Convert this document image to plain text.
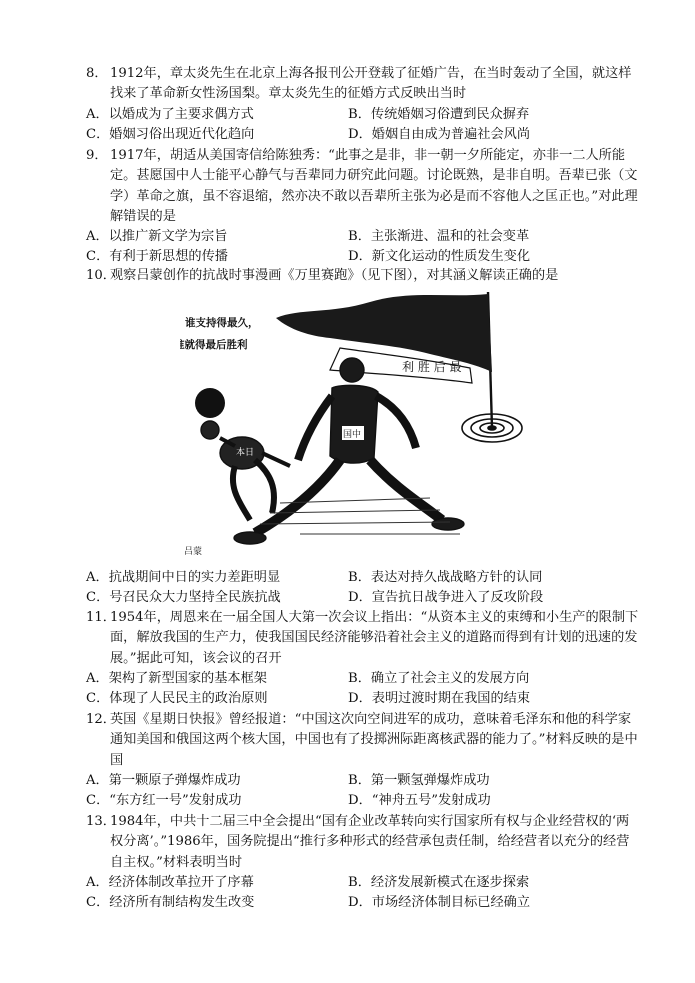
8． 1912年，章太炎先生在北京上海各报刊公开登载了征婚广告，在当时轰动了全国，就这样找来了革命新女性汤国梨。章太炎先生的征婚方式反映出当时

A．以婚成为了主要求偶方式	B．传统婚姻习俗遭到民众摒弃
C．婚姻习俗出现近代化趋向	D．婚姻自由成为普遍社会风尚

9． 1917年，胡适从美国寄信给陈独秀：“此事之是非，非一朝一夕所能定，亦非一二人所能定。甚愿国中人士能平心静气与吾辈同力研究此问题。讨论既熟，是非自明。吾辈已张（文学）革命之旗，虽不容退缩，然亦决不敢以吾辈所主张为必是而不容他人之匡正也。”对此理解错误的是

A．以推广新文学为宗旨	B．主张渐进、温和的社会变革
C．有利于新思想的传播	D．新文化运动的性质发生变化

10．观察吕蒙创作的抗战时事漫画《万里赛跑》（见下图），对其涵义解读正确的是

利 胜 后 最
谁支持得最久，
谁就得最后胜利
本日
国中
吕蒙
A．抗战期间中日的实力差距明显	B．表达对持久战战略方针的认同
C．号召民众大力坚持全民族抗战	D．宣告抗日战争进入了反攻阶段

11．1954年，周恩来在一届全国人大第一次会议上指出：“从资本主义的束缚和小生产的限制下面，解放我国的生产力，使我国国民经济能够沿着社会主义的道路而得到有计划的迅速的发展。”据此可知，该会议的召开

A．架构了新型国家的基本框架	B．确立了社会主义的发展方向
C．体现了人民民主的政治原则	D．表明过渡时期在我国的结束

12．英国《星期日快报》曾经报道：“中国这次向空间进军的成功，意味着毛泽东和他的科学家通知美国和俄国这两个核大国，中国也有了投掷洲际距离核武器的能力了。”材料反映的是中国

A．第一颗原子弹爆炸成功	B．第一颗氢弹爆炸成功
C．“东方红一号”发射成功	D．“神舟五号”发射成功

13．1984年，中共十二届三中全会提出“国有企业改革转向实行国家所有权与企业经营权的‘两权分离’。”1986年，国务院提出“推行多种形式的经营承包责任制，给经营者以充分的经营自主权。”材料表明当时

A．经济体制改革拉开了序幕	B．经济发展新模式在逐步探索
C．经济所有制结构发生改变	D．市场经济体制目标已经确立
